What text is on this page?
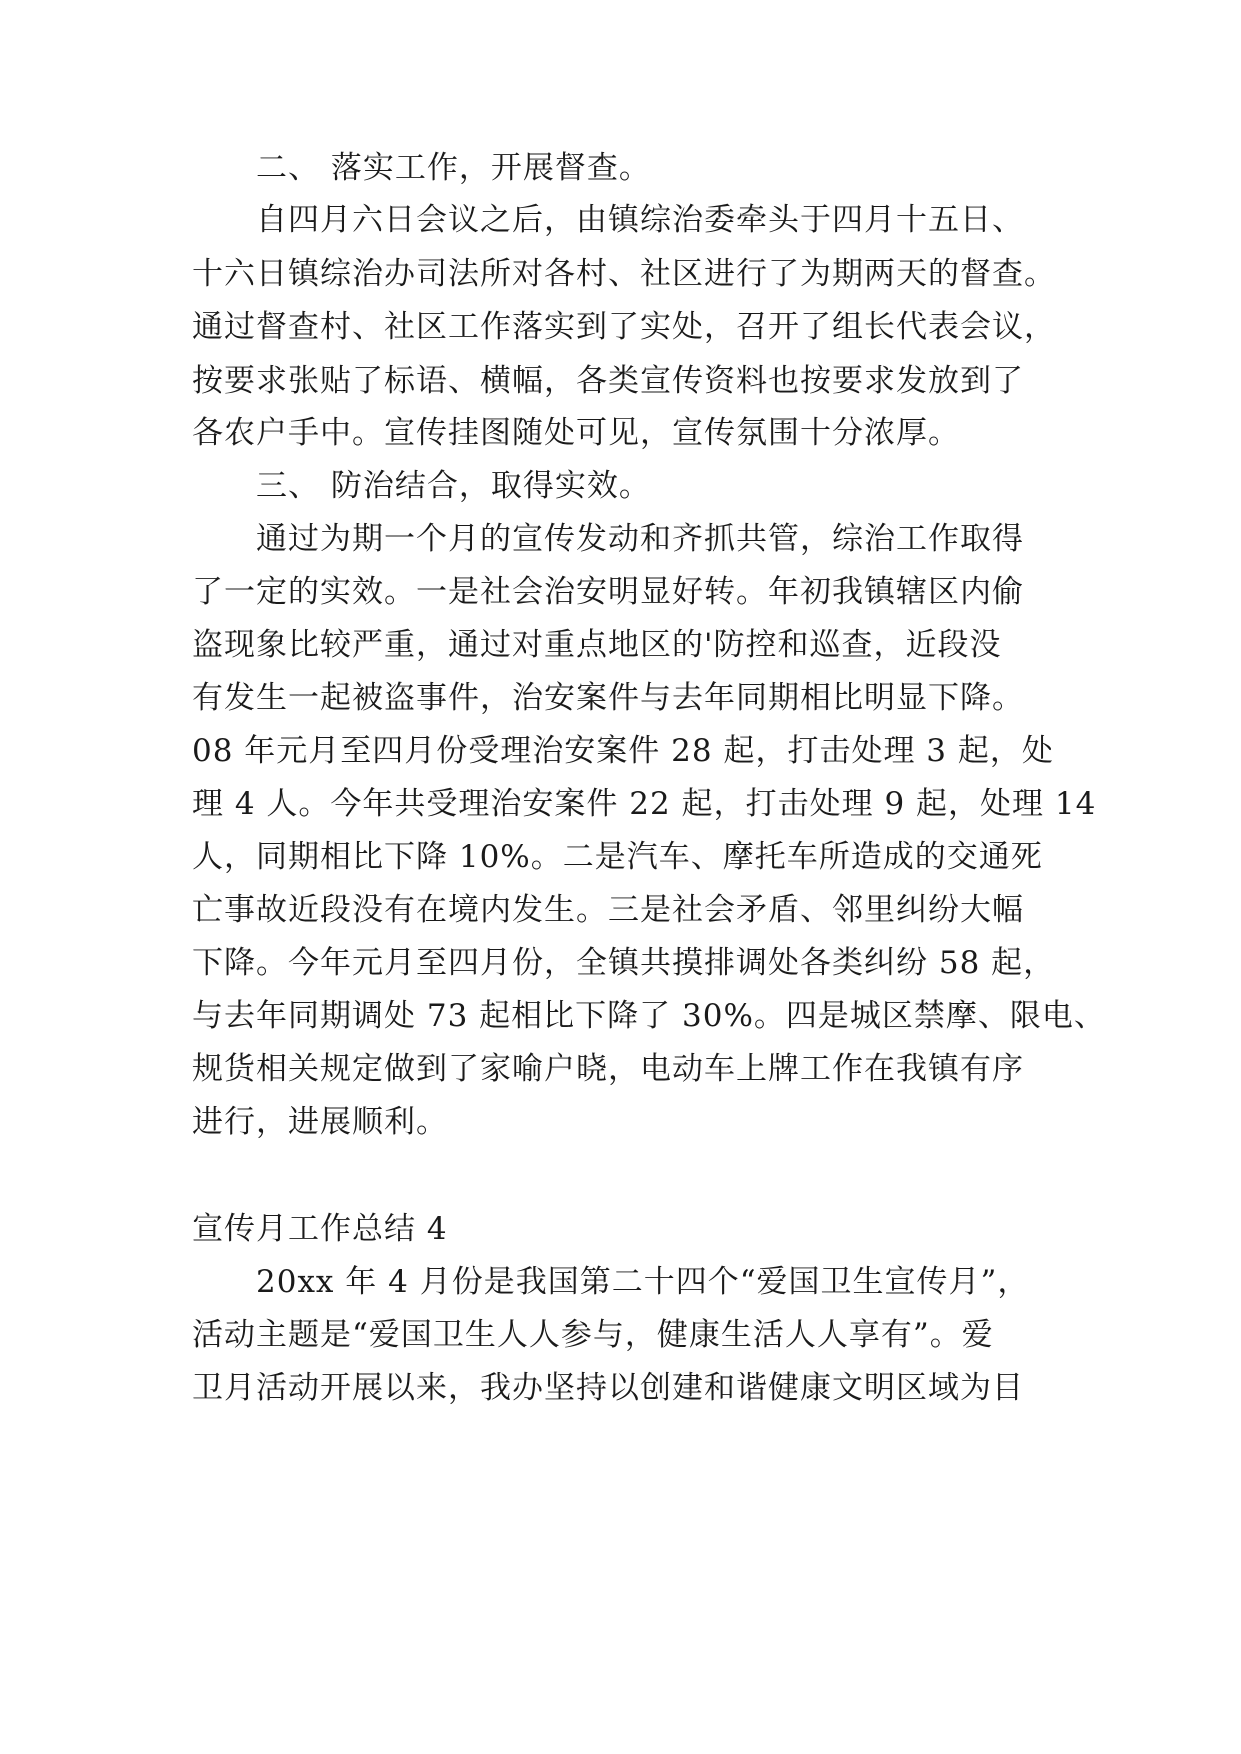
二、 落实工作，开展督查。
自四月六日会议之后，由镇综治委牵头于四月十五日、
十六日镇综治办司法所对各村、社区进行了为期两天的督查。
通过督查村、社区工作落实到了实处，召开了组长代表会议，
按要求张贴了标语、横幅，各类宣传资料也按要求发放到了
各农户手中。宣传挂图随处可见，宣传氛围十分浓厚。
三、 防治结合，取得实效。
通过为期一个月的宣传发动和齐抓共管，综治工作取得
了一定的实效。一是社会治安明显好转。年初我镇辖区内偷
盗现象比较严重，通过对重点地区的'防控和巡查，近段没
有发生一起被盗事件，治安案件与去年同期相比明显下降。
08 年元月至四月份受理治安案件 28 起，打击处理 3 起，处
理 4 人。今年共受理治安案件 22 起，打击处理 9 起，处理 14
人，同期相比下降 10%。二是汽车、摩托车所造成的交通死
亡事故近段没有在境内发生。三是社会矛盾、邻里纠纷大幅
下降。今年元月至四月份，全镇共摸排调处各类纠纷 58 起，
与去年同期调处 73 起相比下降了 30%。四是城区禁摩、限电、
规货相关规定做到了家喻户晓，电动车上牌工作在我镇有序
进行，进展顺利。
宣传月工作总结 4
20xx 年 4 月份是我国第二十四个“爱国卫生宣传月”，
活动主题是“爱国卫生人人参与，健康生活人人享有”。爱
卫月活动开展以来，我办坚持以创建和谐健康文明区域为目
